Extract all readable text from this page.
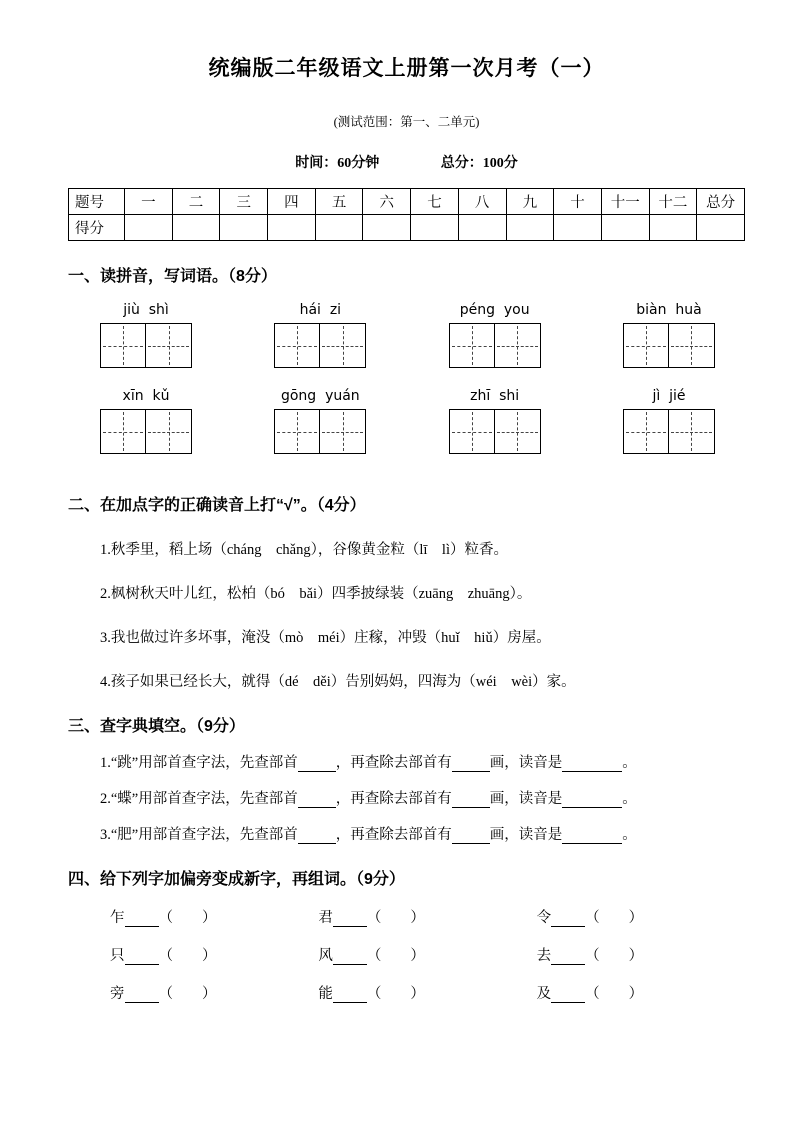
统编版二年级语文上册第一次月考（一）
(测试范围：第一、二单元)
时间：60分钟	总分：100分
题号	一	二	三	四	五	六	七	八	九	十	十一	十二	总分
得分													
一、读拼音，写词语。（8分）
jiù  shì	hái  zi	péng  you	biàn  huà
xīn  kǔ	gōng  yuán	zhī  shi	jì  jié
二、在加点字的正确读音上打“√”。（4分）
1.秋季里，稻上场（cháng　chǎng），谷像黄金粒（lī　lì）粒香。
2.枫树秋天叶儿红，松柏（bó　bǎi）四季披绿装（zuāng　zhuāng）。
3.我也做过许多坏事，淹没（mò　méi）庄稼，冲毁（huǐ　hiǔ）房屋。
4.孩子如果已经长大，就得（dé　děi）告别妈妈，四海为（wéi　wèi）家。
三、查字典填空。（9分）
1.“跳”用部首查字法，先查部首	，再查除去部首有	画，读音是	。
2.“蝶”用部首查字法，先查部首	，再查除去部首有	画，读音是	。
3.“肥”用部首查字法，先查部首	，再查除去部首有	画，读音是	。
四、给下列字加偏旁变成新字，再组词。（9分）
乍 （　　）	君 （　　）	令 （　　）
只 （　　）	风 （　　）	去 （　　）
旁 （　　）	能 （　　）	及 （　　）
